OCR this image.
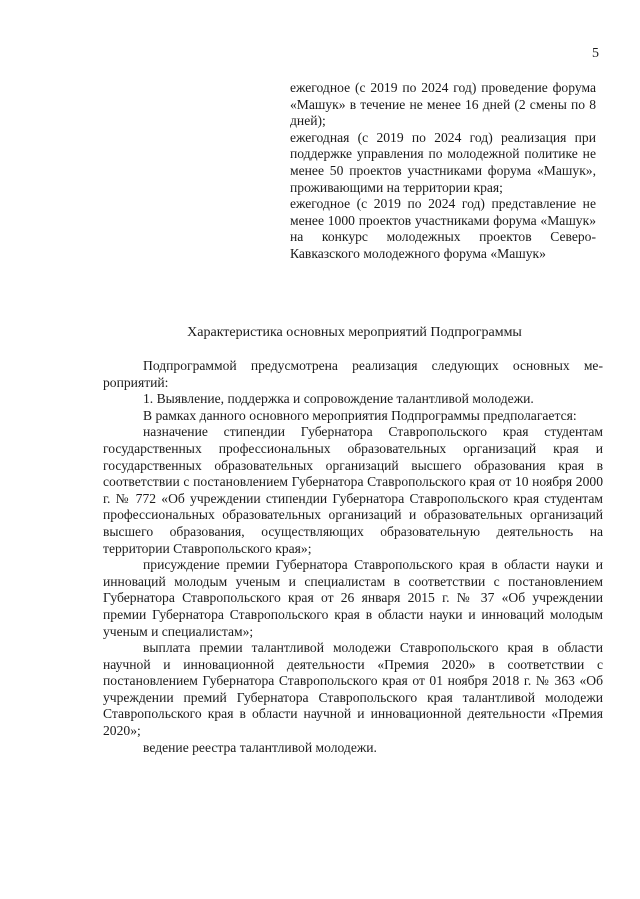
5

ежегодное (с 2019 по 2024 год) проведение форума «Машук» в течение не менее 16 дней (2 смены по 8 дней);

ежегодная (с 2019 по 2024 год) реализация при поддержке управления по молодежной политике не менее 50 проектов участниками форума «Машук», проживающими на территории края;

ежегодное (с 2019 по 2024 год) представление не менее 1000 проектов участниками форума «Машук» на конкурс молодежных проектов Северо-Кавказского молодежного форума «Машук»

Характеристика основных мероприятий Подпрограммы

Подпрограммой предусмотрена реализация следующих основных мероприятий:

1. Выявление, поддержка и сопровождение талантливой молодежи.

В рамках данного основного мероприятия Подпрограммы предполагается:

назначение стипендии Губернатора Ставропольского края студентам государственных профессиональных образовательных организаций края и государственных образовательных организаций высшего образования края в соответствии с постановлением Губернатора Ставропольского края от 10 ноября 2000 г. № 772 «Об учреждении стипендии Губернатора Ставропольского края студентам профессиональных образовательных организаций и образовательных организаций высшего образования, осуществляющих образовательную деятельность на территории Ставропольского края»;

присуждение премии Губернатора Ставропольского края в области науки и инноваций молодым ученым и специалистам в соответствии с постановлением Губернатора Ставропольского края от 26 января 2015 г. № 37 «Об учреждении премии Губернатора Ставропольского края в области науки и инноваций молодым ученым и специалистам»;

выплата премии талантливой молодежи Ставропольского края в области научной и инновационной деятельности «Премия 2020» в соответствии с постановлением Губернатора Ставропольского края от 01 ноября 2018 г. № 363 «Об учреждении премий Губернатора Ставропольского края талантливой молодежи Ставропольского края в области научной и инновационной деятельности «Премия 2020»;

ведение реестра талантливой молодежи.
